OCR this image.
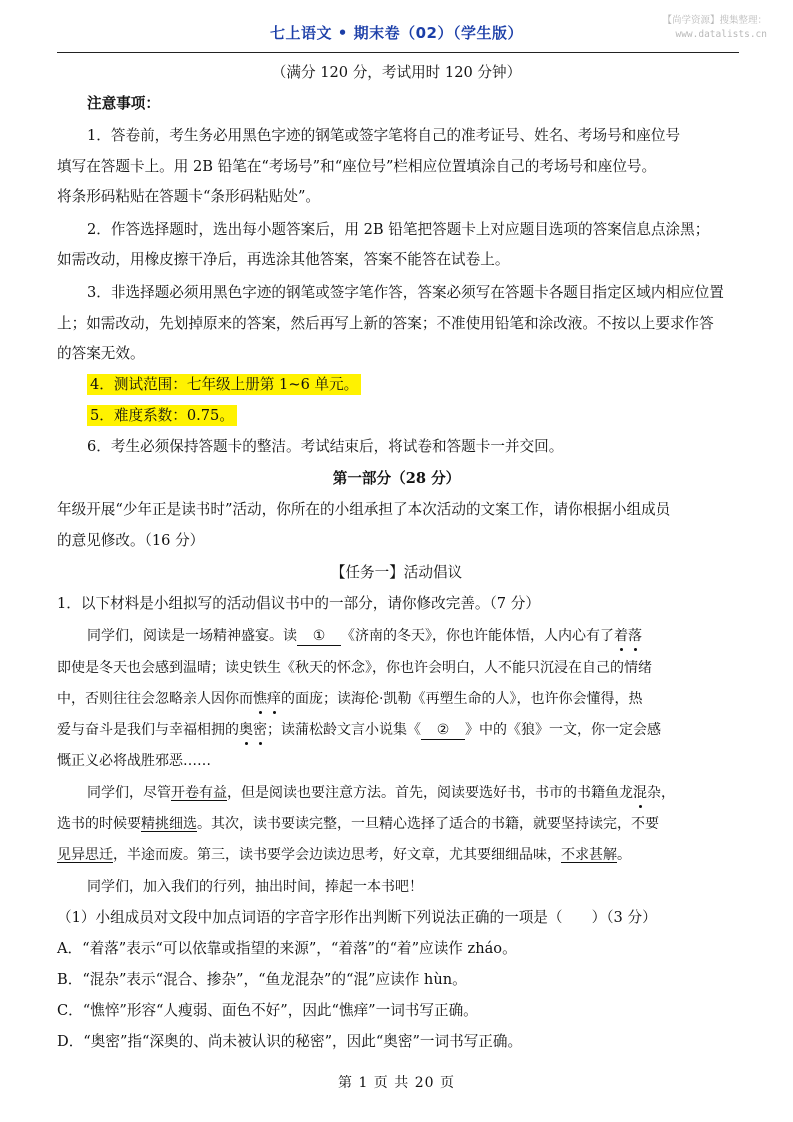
七上语文 • 期末卷（02）（学生版）
【尚学资源】搜集整理：
www.datalists.cn
（满分 120 分，考试用时 120 分钟）
注意事项：
1．答卷前，考生务必用黑色字迹的钢笔或签字笔将自己的准考证号、姓名、考场号和座位号
填写在答题卡上。用 2B 铅笔在“考场号”和“座位号”栏相应位置填涂自己的考场号和座位号。
将条形码粘贴在答题卡“条形码粘贴处”。
2．作答选择题时，选出每小题答案后，用 2B 铅笔把答题卡上对应题目选项的答案信息点涂黑；
如需改动，用橡皮擦干净后，再选涂其他答案，答案不能答在试卷上。
3．非选择题必须用黑色字迹的钢笔或签字笔作答，答案必须写在答题卡各题目指定区域内相应位置
上；如需改动，先划掉原来的答案，然后再写上新的答案；不准使用铅笔和涂改液。不按以上要求作答
的答案无效。
4．测试范围：七年级上册第 1~6 单元。
5．难度系数：0.75。
6．考生必须保持答题卡的整洁。考试结束后，将试卷和答题卡一并交回。
第一部分（28 分）
年级开展“少年正是读书时”活动，你所在的小组承担了本次活动的文案工作，请你根据小组成员
的意见修改。（16 分）
【任务一】活动倡议
1．以下材料是小组拟写的活动倡议书中的一部分，请你修改完善。（7 分）
同学们，阅读是一场精神盛宴。读 ① 《济南的冬天》，你也许能体悟，人内心有了着落
即使是冬天也会感到温晴；读史铁生《秋天的怀念》，你也许会明白，人不能只沉浸在自己的情绪
中，否则往往会忽略亲人因你而憔痒的面庞；读海伦·凯勒《再塑生命的人》，也许你会懂得，热
爱与奋斗是我们与幸福相拥的奥密；读蒲松龄文言小说集《 ② 》中的《狼》一文，你一定会感
慨正义必将战胜邪恶……
同学们，尽管开卷有益，但是阅读也要注意方法。首先，阅读要选好书，书市的书籍鱼龙混杂，
选书的时候要精挑细选。其次，读书要读完整，一旦精心选择了适合的书籍，就要坚持读完，不要
见异思迁，半途而废。第三，读书要学会边读边思考，好文章，尤其要细细品味，不求甚解。
同学们，加入我们的行列，抽出时间，捧起一本书吧！
（1）小组成员对文段中加点词语的字音字形作出判断下列说法正确的一项是（　　）（3 分）
A．“着落”表示“可以依靠或指望的来源”，“着落”的“着”应读作 zháo。
B．“混杂”表示“混合、掺杂”，“鱼龙混杂”的“混”应读作 hùn。
C．“憔悴”形容“人瘦弱、面色不好”，因此“憔痒”一词书写正确。
D．“奥密”指“深奥的、尚未被认识的秘密”，因此“奥密”一词书写正确。
第 1 页 共 20 页
